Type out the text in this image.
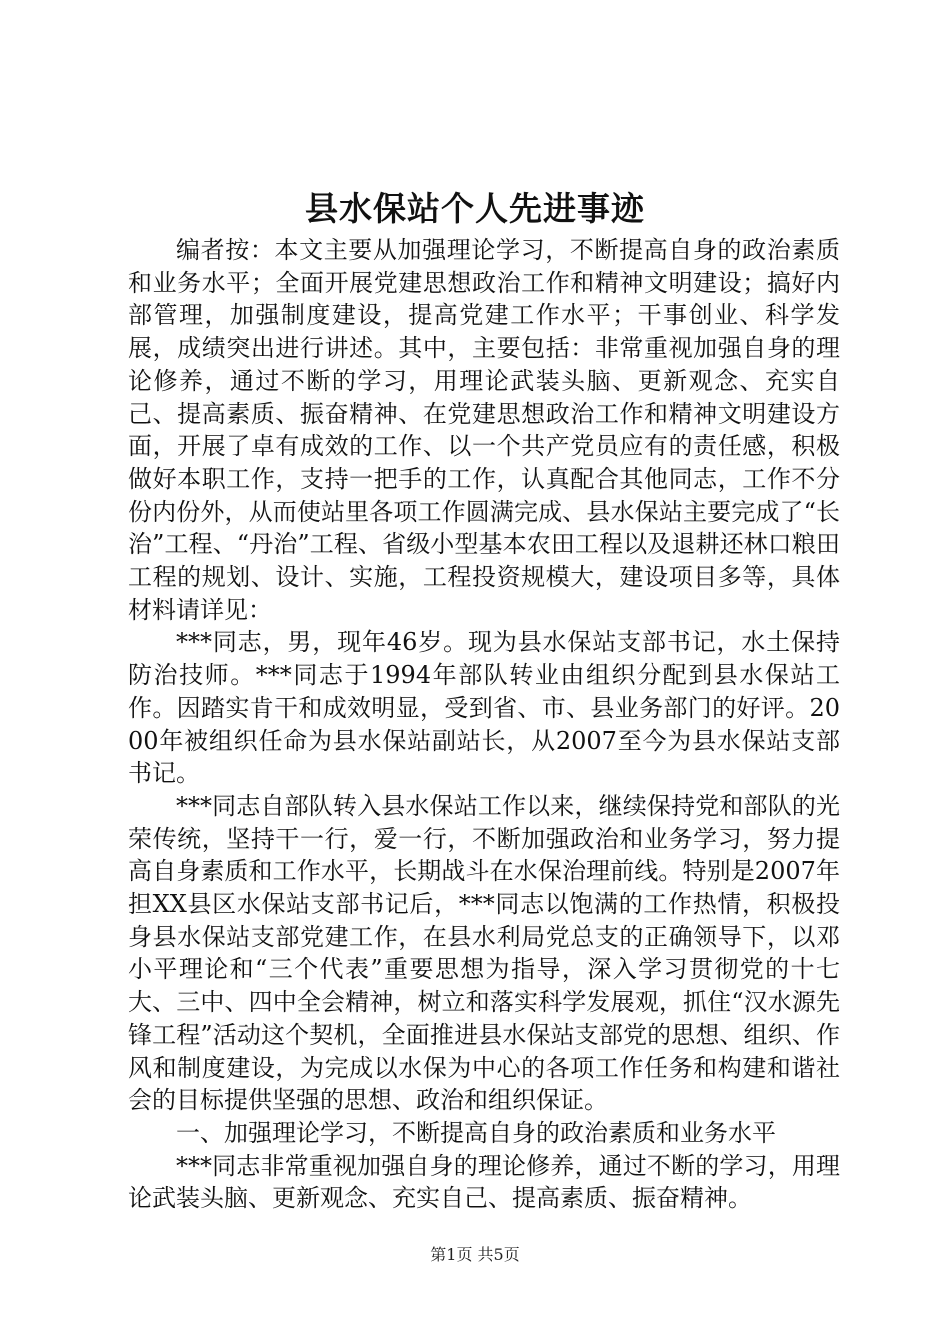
县水保站个人先进事迹

编者按：本文主要从加强理论学习，不断提高自身的政治素质和业务水平；全面开展党建思想政治工作和精神文明建设；搞好内部管理，加强制度建设，提高党建工作水平；干事创业、科学发展，成绩突出进行讲述。其中，主要包括：非常重视加强自身的理论修养，通过不断的学习，用理论武装头脑、更新观念、充实自己、提高素质、振奋精神、在党建思想政治工作和精神文明建设方面，开展了卓有成效的工作、以一个共产党员应有的责任感，积极做好本职工作，支持一把手的工作，认真配合其他同志，工作不分份内份外，从而使站里各项工作圆满完成、县水保站主要完成了“长治”工程、“丹治”工程、省级小型基本农田工程以及退耕还林口粮田工程的规划、设计、实施，工程投资规模大，建设项目多等，具体材料请详见：

***同志，男，现年46岁。现为县水保站支部书记，水土保持防治技师。***同志于1994年部队转业由组织分配到县水保站工作。因踏实肯干和成效明显，受到省、市、县业务部门的好评。2000年被组织任命为县水保站副站长，从2007至今为县水保站支部书记。

***同志自部队转入县水保站工作以来，继续保持党和部队的光荣传统，坚持干一行，爱一行，不断加强政治和业务学习，努力提高自身素质和工作水平，长期战斗在水保治理前线。特别是2007年担XX县区水保站支部书记后，***同志以饱满的工作热情，积极投身县水保站支部党建工作，在县水利局党总支的正确领导下，以邓小平理论和“三个代表”重要思想为指导，深入学习贯彻党的十七大、三中、四中全会精神，树立和落实科学发展观，抓住“汉水源先锋工程”活动这个契机，全面推进县水保站支部党的思想、组织、作风和制度建设，为完成以水保为中心的各项工作任务和构建和谐社会的目标提供坚强的思想、政治和组织保证。

一、加强理论学习，不断提高自身的政治素质和业务水平

***同志非常重视加强自身的理论修养，通过不断的学习，用理论武装头脑、更新观念、充实自己、提高素质、振奋精神。

第1页 共5页
